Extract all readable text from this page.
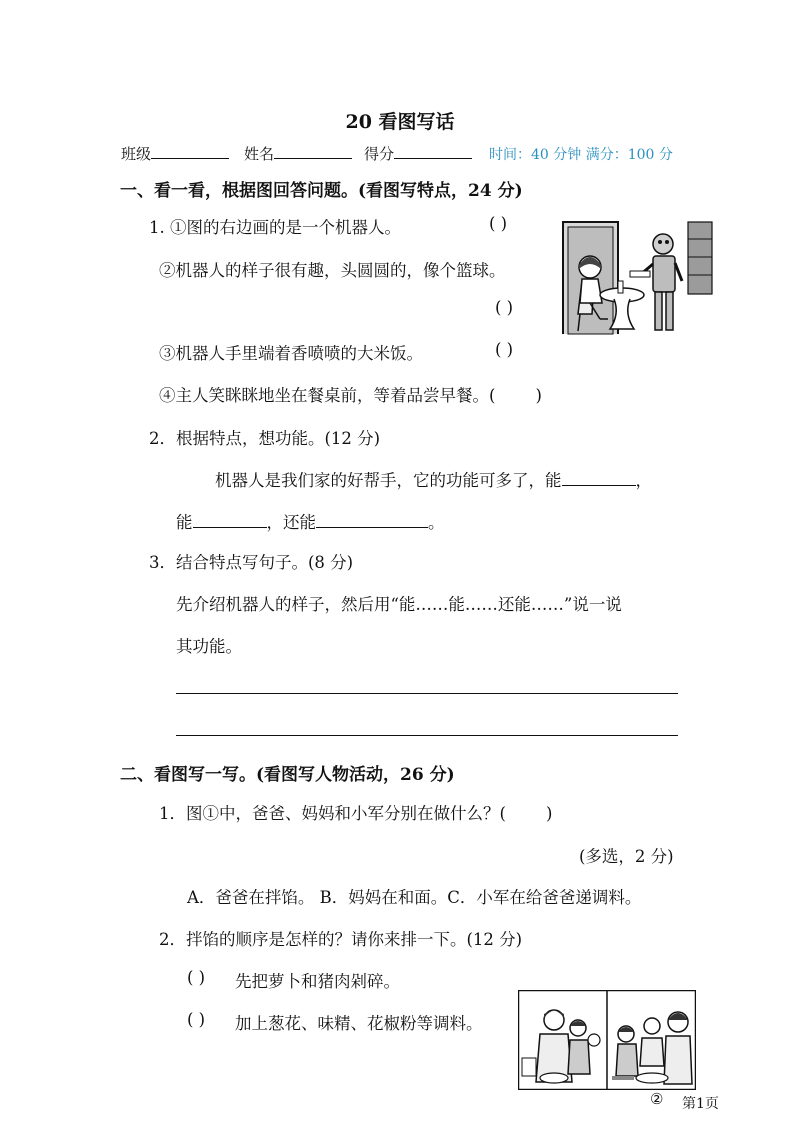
20 看图写话
班级	姓名	得分	时间：40 分钟 满分：100 分
一、看一看，根据图回答问题。(看图写特点，24 分)
1. ①图的右边画的是一个机器人。	( )
②机器人的样子很有趣，头圆圆的，像个篮球。
( )
③机器人手里端着香喷喷的大米饭。	( )
④主人笑眯眯地坐在餐桌前，等着品尝早餐。( )
2．根据特点，想功能。(12 分)
机器人是我们家的好帮手，它的功能可多了，能	，
能	，还能	。
3．结合特点写句子。(8 分)
先介绍机器人的样子，然后用“能……能……还能……”说一说
其功能。
二、看图写一写。(看图写人物活动，26 分)
1．图①中，爸爸、妈妈和小军分别在做什么？( )
(多选，2 分)
A．爸爸在拌馅。 B．妈妈在和面。C．小军在给爸爸递调料。
2．拌馅的顺序是怎样的？请你来排一下。(12 分)
( ) 先把萝卜和猪肉剁碎。
( ) 加上葱花、味精、花椒粉等调料。
② 第1页
